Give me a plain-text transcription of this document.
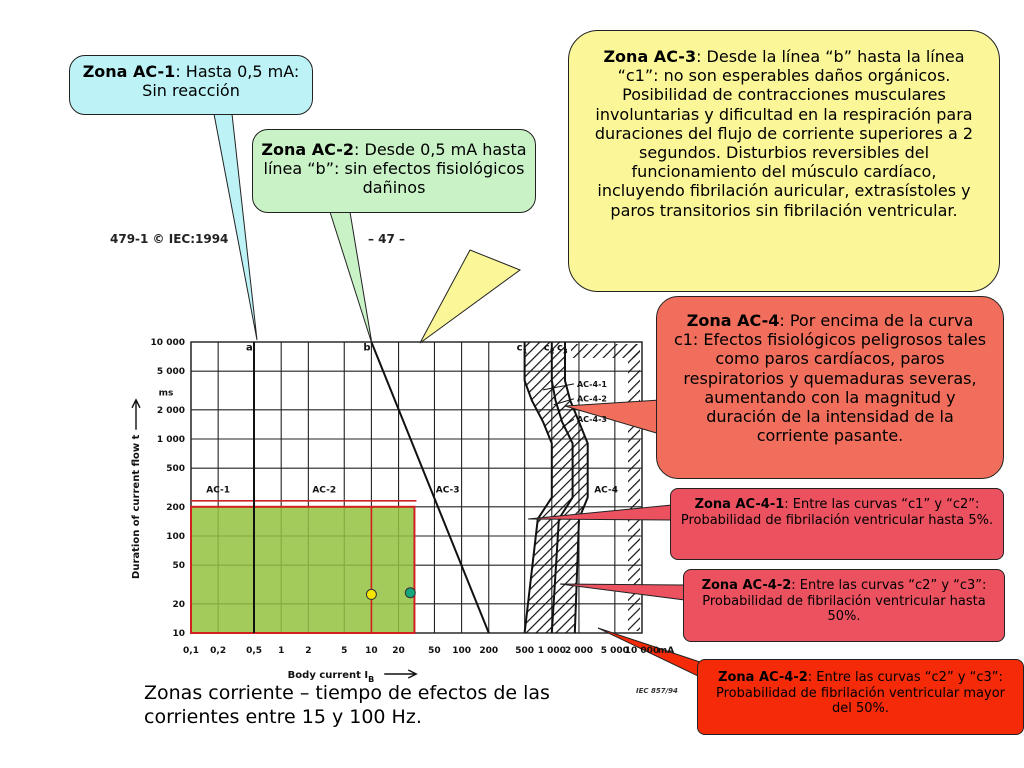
479-1 © IEC:1994	– 47 –
IEC 857/94
0,1 0,2 0,5 1 2	5 10 20	50 100 200 500 1 000
2 000 5 000
10 000
10
20
50
100
200
500
1 000
2 000
5 000
10 000
ms
mA
Body current $I_B$
Duration of current flow t
a	b	$c_1$ $c_2$ $c_3$
AC-1	AC-2	AC-3	AC-4
AC-4-1
AC-4-2
AC-4-3
Zona AC-1: Hasta 0,5 mA: Sin reacción
Zona AC-2: Desde 0,5 mA hasta línea “b”: sin efectos fisiológicos dañinos
Zona AC-3: Desde la línea “b” hasta la línea “c1”: no son esperables daños orgánicos. Posibilidad de contracciones musculares involuntarias y dificultad en la respiración para duraciones del flujo de corriente superiores a 2 segundos. Disturbios reversibles del funcionamiento del músculo cardíaco, incluyendo fibrilación auricular, extrasístoles y paros transitorios sin fibrilación ventricular.
Zona AC-4: Por encima de la curva c1: Efectos fisiológicos peligrosos tales como paros cardíacos, paros respiratorios y quemaduras severas, aumentando con la magnitud y duración de la intensidad de la corriente pasante.
Zona AC-4-1: Entre las curvas “c1” y “c2”: Probabilidad de fibrilación ventricular hasta 5%.
Zona AC-4-2: Entre las curvas “c2” y “c3”: Probabilidad de fibrilación ventricular hasta 50%.
Zona AC-4-2: Entre las curvas “c2” y “c3”: Probabilidad de fibrilación ventricular mayor del 50%.
Zonas corriente – tiempo de efectos de las corrientes entre 15 y 100 Hz.
